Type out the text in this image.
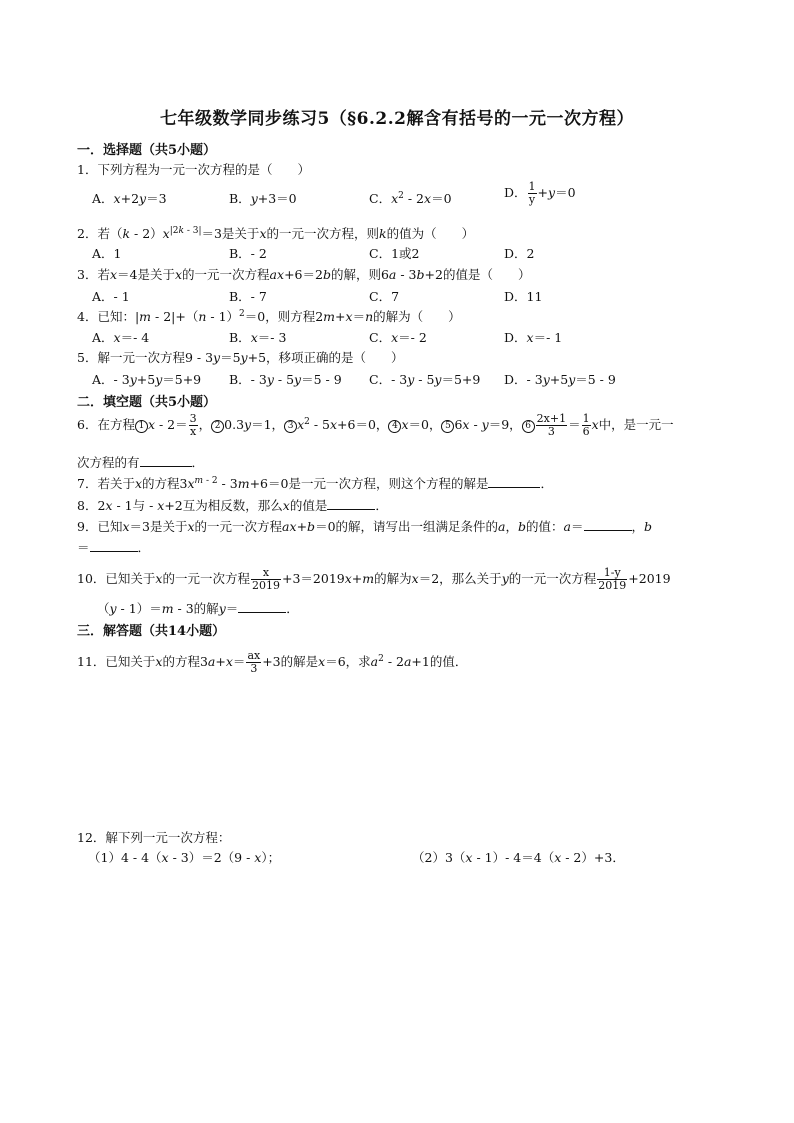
七年级数学同步练习5（§6.2.2解含有括号的一元一次方程）
一．选择题（共5小题）
1．下列方程为一元一次方程的是（　　）
A．x+2y＝3	B．y+3＝0	C．$x^2 - 2x=0$	D． $\frac{1}{y} +y=0$
2．若$(k - 2)x^{|2k - 3|}=3$是关于x的一元一次方程，则k的值为（　　）
A．1	B．- 2	C．1或2	D．2
3．若x＝4是关于x的一元一次方程ax+6＝2b的解，则6a - 3b+2的值是（　　）
A．- 1	B．- 7	C．7	D．11
4．已知：|m - 2|+（n - 1）$^2$＝0，则方程2m+x＝n的解为（　　）
A．x＝- 4	B．x＝- 3	C．x＝- 2	D．x＝- 1
5．解一元一次方程9 - 3y＝5y+5，移项正确的是（　　）
A．- 3y+5y＝5+9 B．- 3y - 5y＝5 - 9 C．- 3y - 5y＝5+9 D．- 3y+5y＝5 - 9
二．填空题（共5小题）
6．在方程 1 $x - 2= \frac{3}{x}$ ， 2 0.3y＝1， 3 $x^2 - 5x+6=0$， 4 x＝0， 5 6x - y＝9， $6 \frac{2x+1}{3} = \frac{1}{6}$ x中，是一元一
次方程的有	．
7．若关于x的方程$3x^{m - 2} - 3m+6=0$是一元一次方程，则这个方程的解是	．
8．2x - 1与 - x+2互为相反数，那么x的值是	．
9．已知x＝3是关于x的一元一次方程ax+b＝0的解，请写出一组满足条件的a，b的值：a＝	，b
＝	．
10．已知关于x的一元一次方程 $\frac{x}{2019} +3=2019x+m$的解为x＝2，那么关于y的一元一次方程 $\frac{1-y}{2019} +2019$
（y - 1）＝m - 3的解y＝	．
三．解答题（共14小题）
11．已知关于x的方程$3a+x= \frac{ax}{3} +3$的解是x＝6，求$a^2 - 2a+1$的值．
12．解下列一元一次方程：
（1）4 - 4（x - 3）＝2（9 - x）；	（2）3（x - 1）- 4＝4（x - 2）+3．
